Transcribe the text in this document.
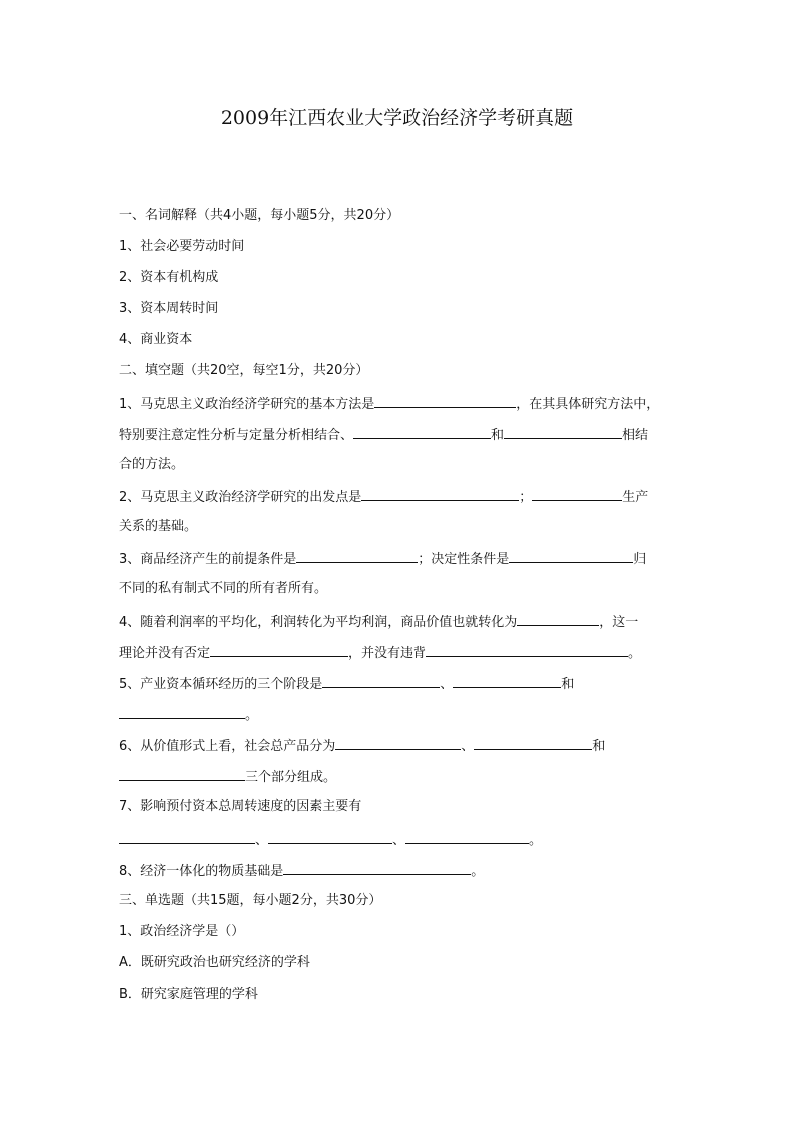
2009年江西农业大学政治经济学考研真题
一、名词解释（共4小题，每小题5分，共20分）
1、社会必要劳动时间
2、资本有机构成
3、资本周转时间
4、商业资本
二、填空题（共20空，每空1分，共20分）
1、马克思主义政治经济学研究的基本方法是	，在其具体研究方法中，
特别要注意定性分析与定量分析相结合、	和	相结
合的方法。
2、马克思主义政治经济学研究的出发点是	；	生产
关系的基础。
3、商品经济产生的前提条件是	；决定性条件是	归
不同的私有制式不同的所有者所有。
4、随着利润率的平均化，利润转化为平均利润，商品价值也就转化为	，这一
理论并没有否定	，并没有违背	。
5、产业资本循环经历的三个阶段是	、	和
。
6、从价值形式上看，社会总产品分为	、	和
三个部分组成。
7、影响预付资本总周转速度的因素主要有
、	、	。
8、经济一体化的物质基础是	。
三、单选题（共15题，每小题2分，共30分）
1、政治经济学是（）
A．既研究政治也研究经济的学科
B．研究家庭管理的学科
